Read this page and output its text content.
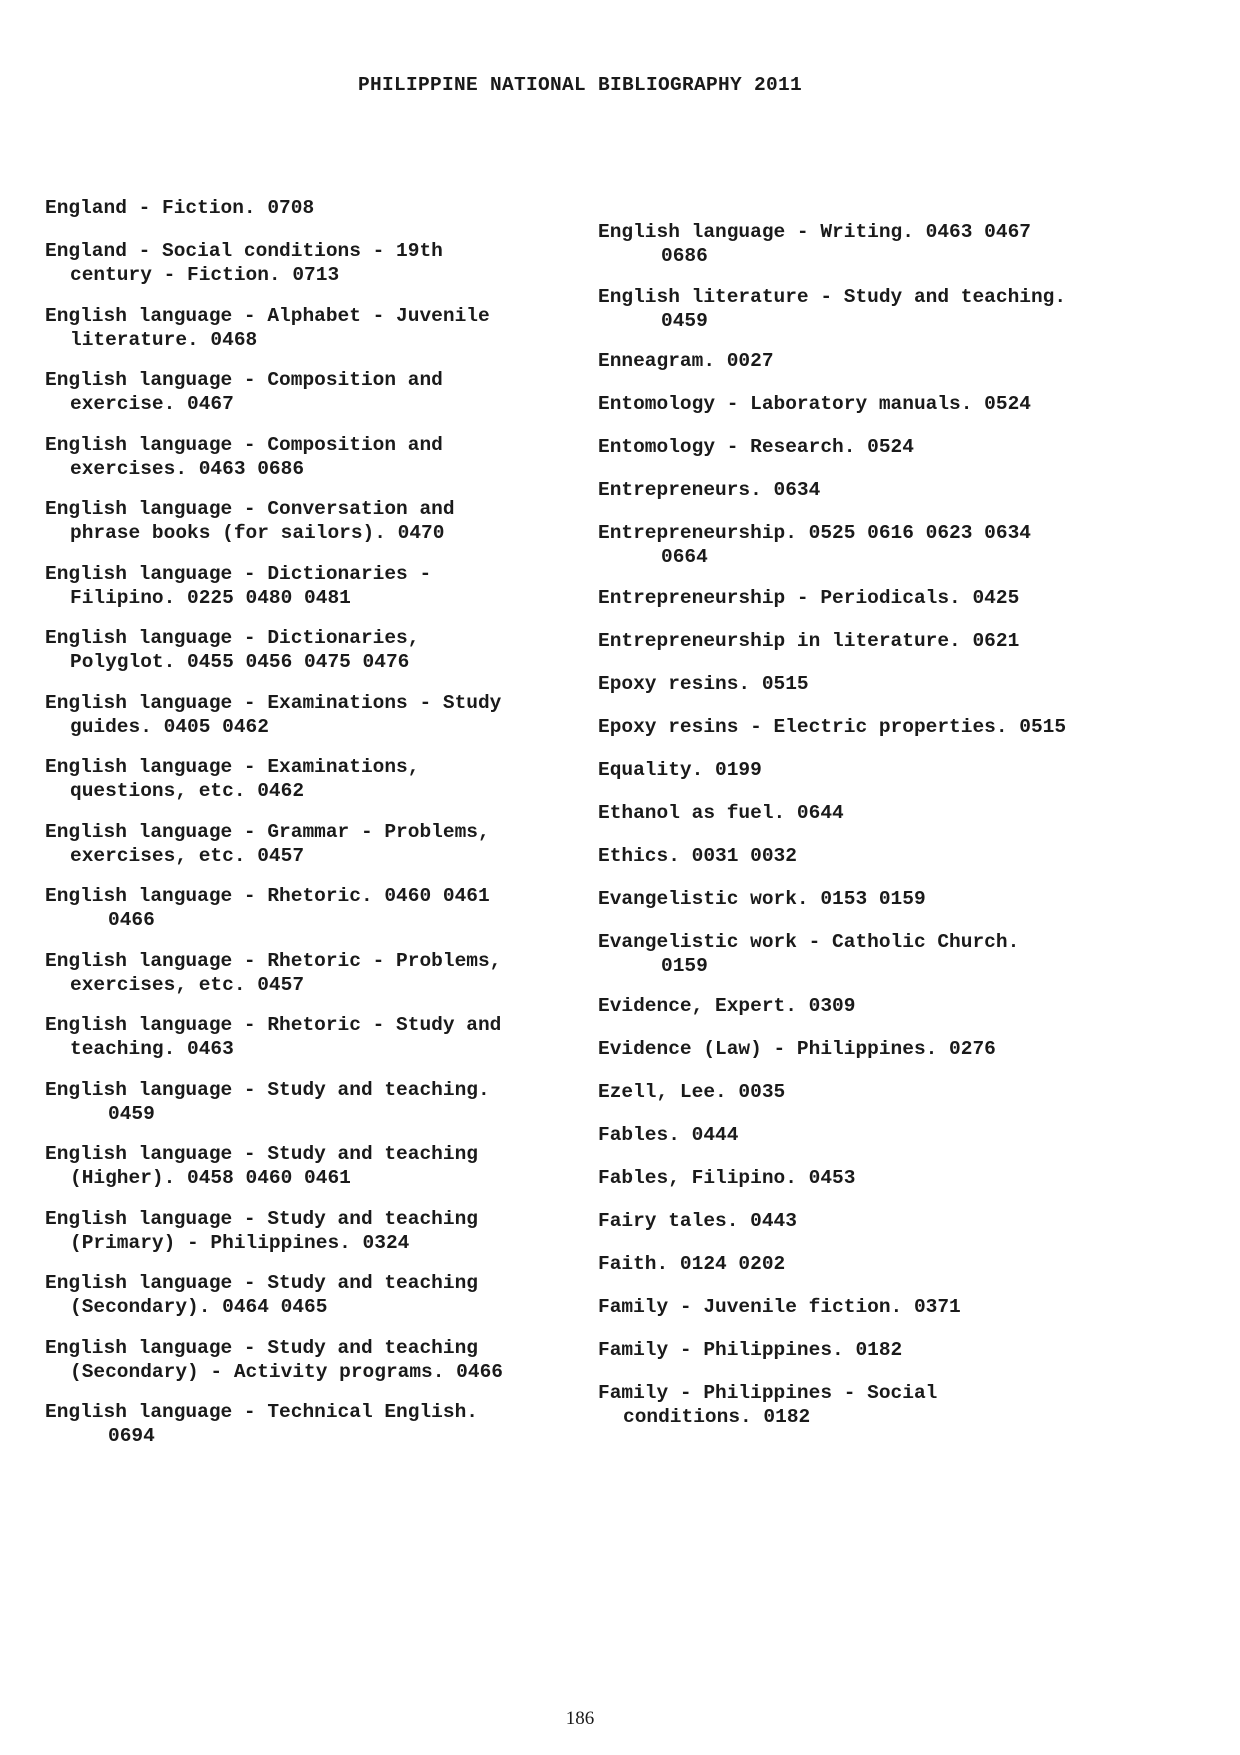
PHILIPPINE NATIONAL BIBLIOGRAPHY 2011
England - Fiction. 0708
England - Social conditions - 19th
century - Fiction. 0713
English language - Alphabet - Juvenile
literature. 0468
English language - Composition and
exercise. 0467
English language - Composition and
exercises. 0463 0686
English language - Conversation and
phrase books (for sailors). 0470
English language - Dictionaries -
Filipino. 0225 0480 0481
English language - Dictionaries,
Polyglot. 0455 0456 0475 0476
English language - Examinations - Study
guides. 0405 0462
English language - Examinations,
questions, etc. 0462
English language - Grammar - Problems,
exercises, etc. 0457
English language - Rhetoric. 0460 0461
0466
English language - Rhetoric - Problems,
exercises, etc. 0457
English language - Rhetoric - Study and
teaching. 0463
English language - Study and teaching.
0459
English language - Study and teaching
(Higher). 0458 0460 0461
English language - Study and teaching
(Primary) - Philippines. 0324
English language - Study and teaching
(Secondary). 0464 0465
English language - Study and teaching
(Secondary) - Activity programs. 0466
English language - Technical English.
0694
English language - Writing. 0463 0467
0686
English literature - Study and teaching.
0459
Enneagram. 0027
Entomology - Laboratory manuals. 0524
Entomology - Research. 0524
Entrepreneurs. 0634
Entrepreneurship. 0525 0616 0623 0634
0664
Entrepreneurship - Periodicals. 0425
Entrepreneurship in literature. 0621
Epoxy resins. 0515
Epoxy resins - Electric properties. 0515
Equality. 0199
Ethanol as fuel. 0644
Ethics. 0031 0032
Evangelistic work. 0153 0159
Evangelistic work - Catholic Church.
0159
Evidence, Expert. 0309
Evidence (Law) - Philippines. 0276
Ezell, Lee. 0035
Fables. 0444
Fables, Filipino. 0453
Fairy tales. 0443
Faith. 0124 0202
Family - Juvenile fiction. 0371
Family - Philippines. 0182
Family - Philippines - Social
conditions. 0182
186
